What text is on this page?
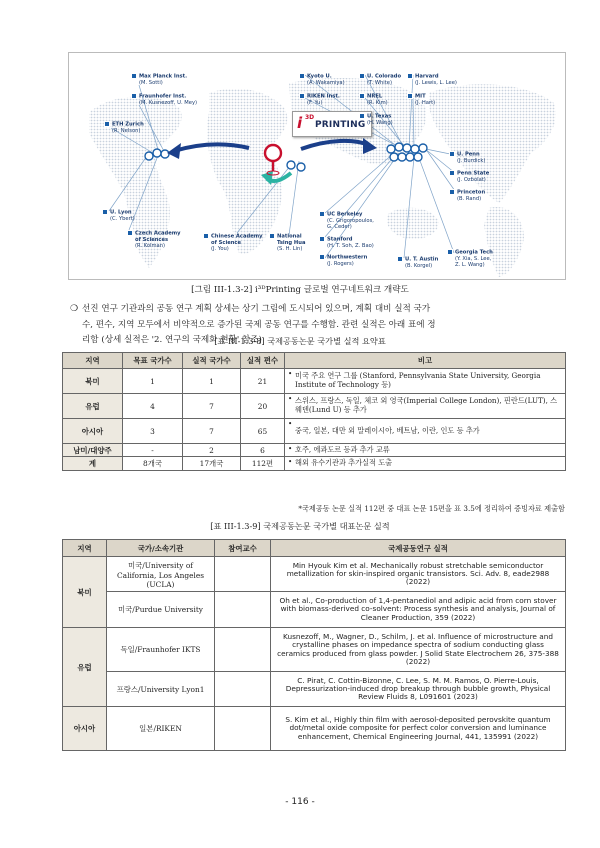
i 3D
PRINTING
Max Planck Inst.
(M. Sotti)
Fraunhofer Inst.
(M. Kusnezoff, U. Mey)
ETH Zurich
(R. Nelson)
U. Lyon
(C. Ybert)
Czech Academy
of Sciences
(R. Kolman)
Chinese Academy
of Science
(J. You)
National
Tsing Hua
(S. H. Lin)
Kyoto U.
(A. Wakamiya)
RIKEN Inst.
(F. Yu)
U. Colorado
(T. White)
NREL
(R. Kim)
U. Texas
(H. Wang)
Harvard
(J. Lewis, L. Lee)
MIT
(J. Hart)
U. Penn
(J. Burdick)
Penn State
(J. Ozbolat)
Princeton
(B. Rand)
UC Berkeley
(C. Grigoropoulos,
G. Ceder)
Stanford
(H. T. Soh, Z. Bao)
Northwestern
(J. Rogers)
U. T. Austin
(B. Korgel)
Georgia Tech
(Y. Xia, S. Lee,
Z. L. Wang)
[그림 III-1.3-2] i³ᴰPrinting 글로벌 연구네트워크 개략도
❍ 선진 연구 기관과의 공동 연구 계획 상세는 상기 그림에 도시되어 있으며, 계획 대비 실적 국가
수, 편수, 지역 모두에서 비약적으로 증가된 국제 공동 연구를 수행함. 관련 실적은 아래 표에 정
리함 (상세 실적은 '2. 연구의 국제화 현황' 참조)
[표 III-1.3-8] 국제공동논문 국가별 실적 요약표
지역	목표 국가수	실적 국가수	실적 편수	비고
북미	1	1	21	• 미국 주요 연구 그룹 (Stanford, Pennsylvania State University, Georgia Institute of Technology 등)
유럽	4	7	20	• 스위스, 프랑스, 독일, 체코 외 영국(Imperial College London), 핀란드(LUT), 스웨덴(Lund U) 등 추가
아시아	3	7	65	• 중국, 일본, 대만 외 말레이시아, 베트남, 이란, 인도 등 추가
남미/대양주	-	2	6	• 호주, 에콰도르 등과 추가 교류
계	8개국	17개국	112편	• 해외 유수기관과 추가실적 도출
*국제공동 논문 실적 112편 중 대표 논문 15편을 표 3.5에 정리하여 증빙자료 제출함
[표 III-1.3-9] 국제공동논문 국가별 대표논문 실적
지역	국가/소속기관	참여교수	국제공동연구 실적
북미	미국/University of California, Los Angeles (UCLA)		Min Hyouk Kim et al. Mechanically robust stretchable semiconductor metallization for skin-inspired organic transistors. Sci. Adv. 8, eade2988 (2022)
	미국/Purdue University		Oh et al., Co-production of 1,4-pentanediol and adipic acid from corn stover with biomass-derived co-solvent: Process synthesis and analysis, Journal of Cleaner Production, 359 (2022)
유럽	독일/Fraunhofer IKTS		Kusnezoff, M., Wagner, D., Schilm, J. et al. Influence of microstructure and crystalline phases on impedance spectra of sodium conducting glass ceramics produced from glass powder. J Solid State Electrochem 26, 375-388 (2022)
	프랑스/University Lyon1		C. Pirat, C. Cottin-Bizonne, C. Lee, S. M. M. Ramos, O. Pierre-Louis, Depressurization-induced drop breakup through bubble growth, Physical Review Fluids 8, L091601 (2023)
아시아	일본/RIKEN		S. Kim et al., Highly thin film with aerosol-deposited perovskite quantum dot/metal oxide composite for perfect color conversion and luminance enhancement, Chemical Engineering Journal, 441, 135991 (2022)
- 116 -
